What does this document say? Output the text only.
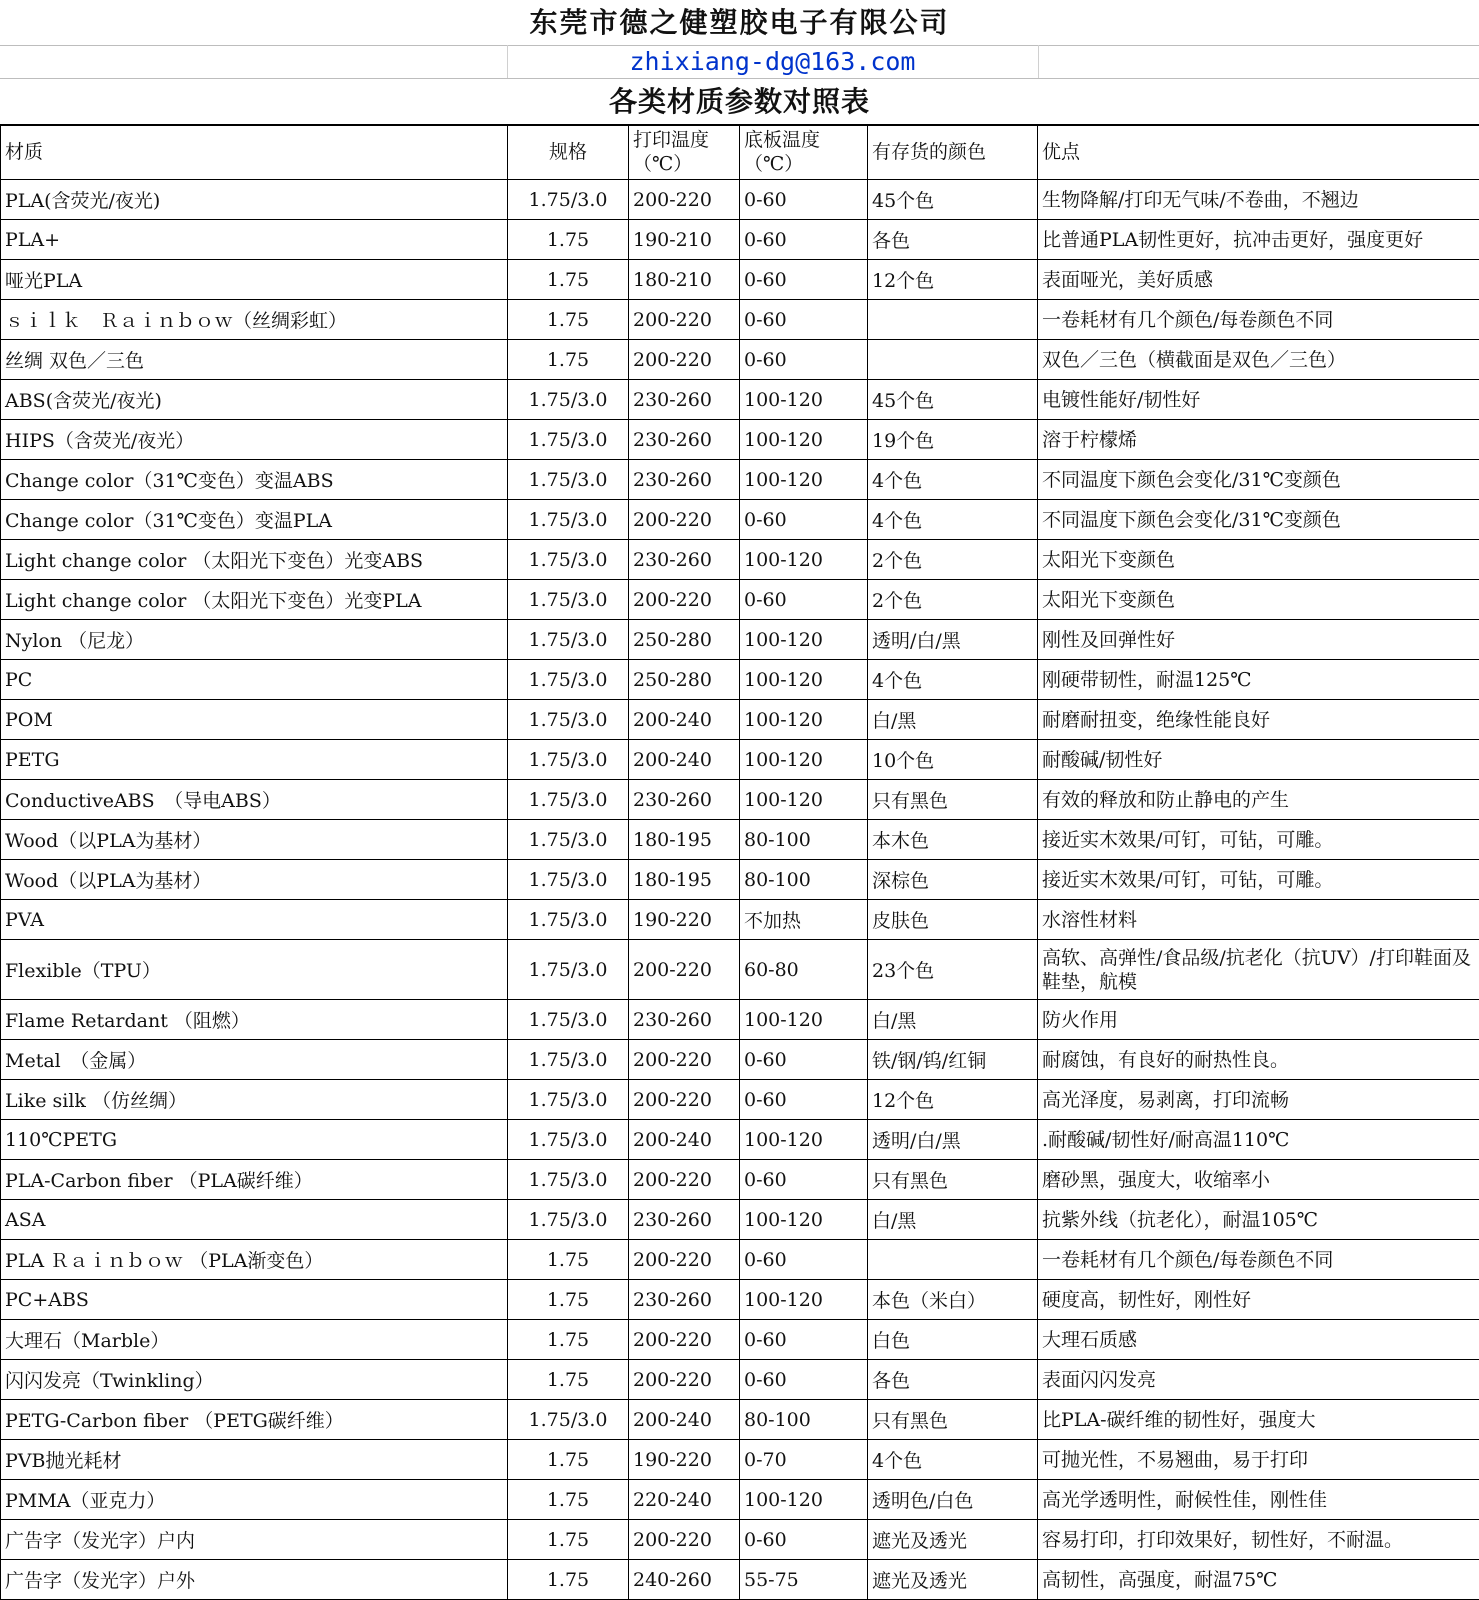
东莞市德之健塑胶电子有限公司
zhixiang-dg@163.com
各类材质参数对照表
材质	规格	打印温度（℃）	底板温度（℃）	有存货的颜色	优点
PLA(含荧光/夜光)	1.75/3.0	200-220	0-60	45个色	生物降解/打印无气味/不卷曲，不翘边
PLA+	1.75	190-210	0-60	各色	比普通PLA韧性更好，抗冲击更好，强度更好
哑光PLA	1.75	180-210	0-60	12个色	表面哑光，美好质感
ｓｉｌｋ　Ｒａｉｎｂｏｗ（丝绸彩虹）	1.75	200-220	0-60		一卷耗材有几个颜色/每卷颜色不同
丝绸 双色／三色	1.75	200-220	0-60		双色／三色（横截面是双色／三色）
ABS(含荧光/夜光)	1.75/3.0	230-260	100-120	45个色	电镀性能好/韧性好
HIPS（含荧光/夜光）	1.75/3.0	230-260	100-120	19个色	溶于柠檬烯
Change color（31℃变色）变温ABS	1.75/3.0	230-260	100-120	4个色	不同温度下颜色会变化/31℃变颜色
Change color（31℃变色）变温PLA	1.75/3.0	200-220	0-60	4个色	不同温度下颜色会变化/31℃变颜色
Light change color （太阳光下变色）光变ABS	1.75/3.0	230-260	100-120	2个色	太阳光下变颜色
Light change color （太阳光下变色）光变PLA	1.75/3.0	200-220	0-60	2个色	太阳光下变颜色
Nylon （尼龙）	1.75/3.0	250-280	100-120	透明/白/黑	刚性及回弹性好
PC	1.75/3.0	250-280	100-120	4个色	刚硬带韧性，耐温125℃
POM	1.75/3.0	200-240	100-120	白/黑	耐磨耐扭变，绝缘性能良好
PETG	1.75/3.0	200-240	100-120	10个色	耐酸碱/韧性好
ConductiveABS　（导电ABS）	1.75/3.0	230-260	100-120	只有黑色	有效的释放和防止静电的产生
Wood（以PLA为基材）	1.75/3.0	180-195	80-100	本木色	接近实木效果/可钉，可钻，可雕。
Wood（以PLA为基材）	1.75/3.0	180-195	80-100	深棕色	接近实木效果/可钉，可钻，可雕。
PVA	1.75/3.0	190-220	不加热	皮肤色	水溶性材料
Flexible（TPU）	1.75/3.0	200-220	60-80	23个色	高软、高弹性/食品级/抗老化（抗UV）/打印鞋面及鞋垫，航模
Flame Retardant （阻燃）	1.75/3.0	230-260	100-120	白/黑	防火作用
Metal　（金属）	1.75/3.0	200-220	0-60	铁/钢/钨/红铜	耐腐蚀，有良好的耐热性良。
Like silk （仿丝绸）	1.75/3.0	200-220	0-60	12个色	高光泽度，易剥离，打印流畅
110℃PETG	1.75/3.0	200-240	100-120	透明/白/黑	.耐酸碱/韧性好/耐高温110℃
PLA-Carbon fiber （PLA碳纤维）	1.75/3.0	200-220	0-60	只有黑色	磨砂黑，强度大，收缩率小
ASA	1.75/3.0	230-260	100-120	白/黑	抗紫外线（抗老化），耐温105℃
PLA Ｒａｉｎｂｏｗ （PLA渐变色）	1.75	200-220	0-60		一卷耗材有几个颜色/每卷颜色不同
PC+ABS	1.75	230-260	100-120	本色（米白）	硬度高，韧性好，刚性好
大理石（Marble）	1.75	200-220	0-60	白色	大理石质感
闪闪发亮（Twinkling）	1.75	200-220	0-60	各色	表面闪闪发亮
PETG-Carbon fiber （PETG碳纤维）	1.75/3.0	200-240	80-100	只有黑色	比PLA-碳纤维的韧性好，强度大
PVB抛光耗材	1.75	190-220	0-70	4个色	可抛光性，不易翘曲，易于打印
PMMA（亚克力）	1.75	220-240	100-120	透明色/白色	高光学透明性，耐候性佳，刚性佳
广告字（发光字）户内	1.75	200-220	0-60	遮光及透光	容易打印，打印效果好，韧性好，不耐温。
广告字（发光字）户外	1.75	240-260	55-75	遮光及透光	高韧性，高强度，耐温75℃
